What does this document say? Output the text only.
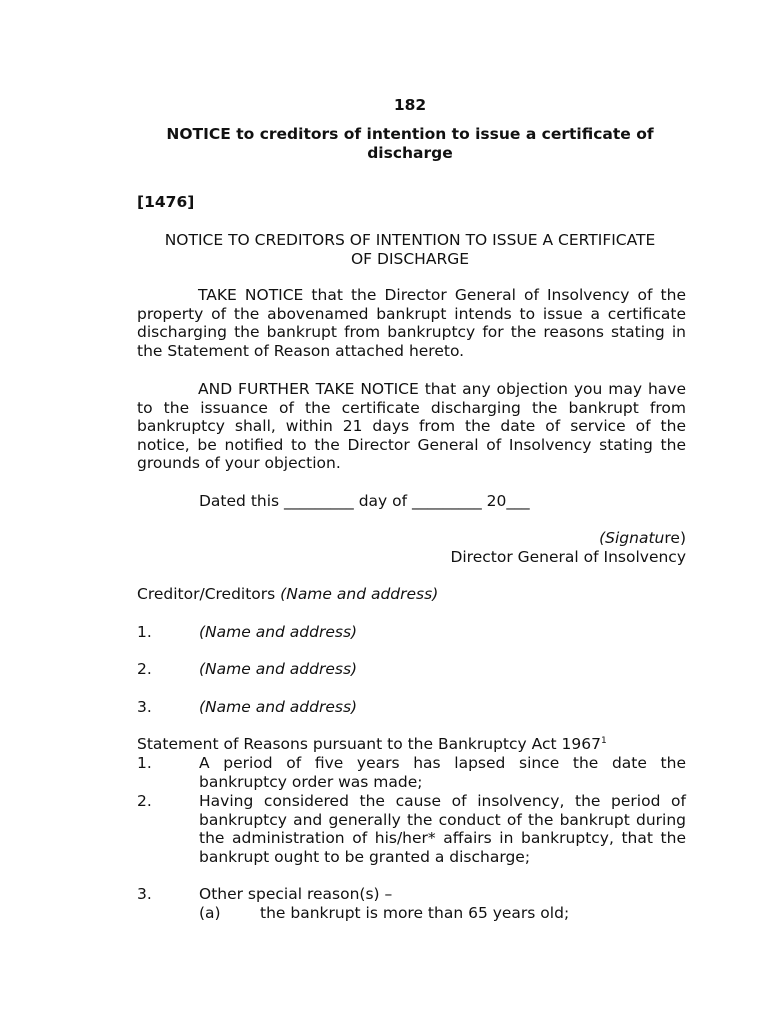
182
NOTICE to creditors of intention to issue a certificate of
discharge
[1476]
NOTICE TO CREDITORS OF INTENTION TO ISSUE A CERTIFICATE
OF DISCHARGE
TAKE NOTICE that the Director General of Insolvency of the property of the abovenamed bankrupt intends to issue a certificate discharging the bankrupt from bankruptcy for the reasons stating in the Statement of Reason attached hereto.
AND FURTHER TAKE NOTICE that any objection you may have to the issuance of the certificate discharging the bankrupt from bankruptcy shall, within 21 days from the date of service of the notice, be notified to the Director General of Insolvency stating the grounds of your objection.
Dated this _________ day of _________ 20___
(Signature)
Director General of Insolvency
Creditor/Creditors (Name and address)
1.	(Name and address)
2.	(Name and address)
3.	(Name and address)
Statement of Reasons pursuant to the Bankruptcy Act 1967$^1$
1.	A period of five years has lapsed since the date the bankruptcy order was made;
2.	Having considered the cause of insolvency, the period of bankruptcy and generally the conduct of the bankrupt during the administration of his/her* affairs in bankruptcy, that the bankrupt ought to be granted a discharge;
3.	Other special reason(s) –
(a)	the bankrupt is more than 65 years old;
